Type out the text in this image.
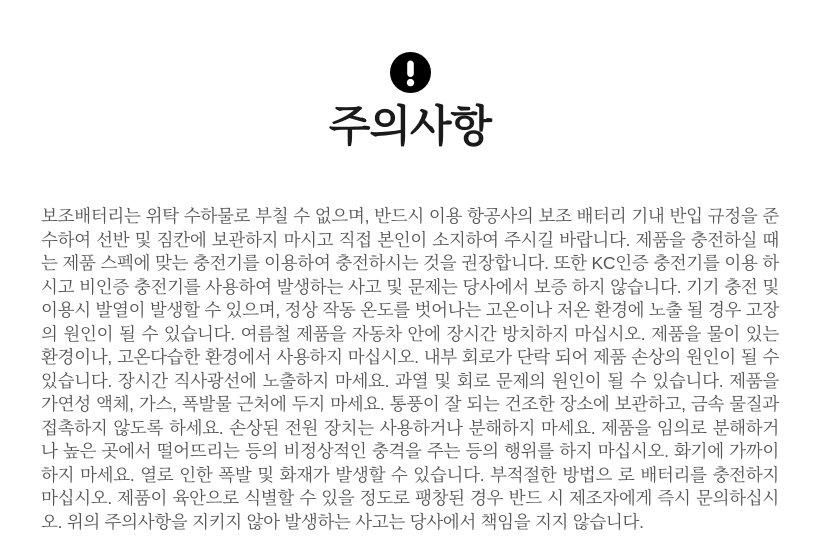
주의사항

보조배터리는 위탁 수하물로 부칠 수 없으며, 반드시 이용 항공사의 보조 배터리 기내 반입 규정을 준수하여 선반 및 짐칸에 보관하지 마시고 직접 본인이 소지하여 주시길 바랍니다. 제품을 충전하실 때는 제품 스펙에 맞는 충전기를 이용하여 충전하시는 것을 권장합니다. 또한 KC인증 충전기를 이용 하시고 비인증 충전기를 사용하여 발생하는 사고 및 문제는 당사에서 보증 하지 않습니다. 기기 충전 및 이용시 발열이 발생할 수 있으며, 정상 작동 온도를 벗어나는 고온이나 저온 환경에 노출 될 경우 고장의 원인이 될 수 있습니다. 여름철 제품을 자동차 안에 장시간 방치하지 마십시오. 제품을 물이 있는 환경이나, 고온다습한 환경에서 사용하지 마십시오. 내부 회로가 단락 되어 제품 손상의 원인이 될 수 있습니다. 장시간 직사광선에 노출하지 마세요. 과열 및 회로 문제의 원인이 될 수 있습니다. 제품을 가연성 액체, 가스, 폭발물 근처에 두지 마세요. 통풍이 잘 되는 건조한 장소에 보관하고, 금속 물질과 접촉하지 않도록 하세요. 손상된 전원 장치는 사용하거나 분해하지 마세요. 제품을 임의로 분해하거나 높은 곳에서 떨어뜨리는 등의 비정상적인 충격을 주는 등의 행위를 하지 마십시오. 화기에 가까이 하지 마세요. 열로 인한 폭발 및 화재가 발생할 수 있습니다. 부적절한 방법으 로 배터리를 충전하지 마십시오. 제품이 육안으로 식별할 수 있을 정도로 팽창된 경우 반드 시 제조자에게 즉시 문의하십시오. 위의 주의사항을 지키지 않아 발생하는 사고는 당사에서 책임을 지지 않습니다.
